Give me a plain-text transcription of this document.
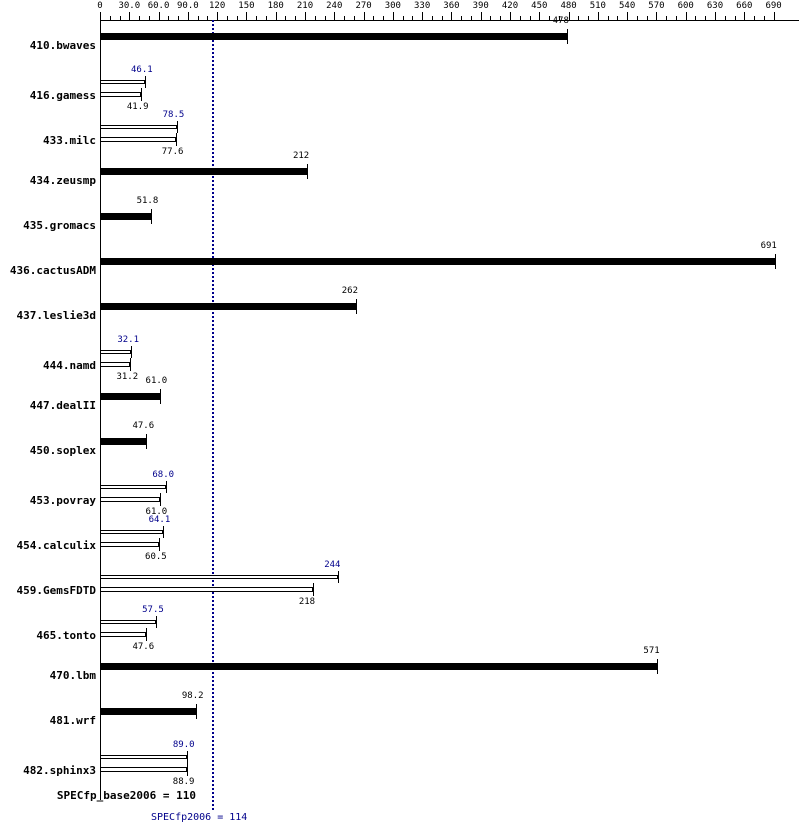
0	30.0 60.0 90.0	120	150	180	210	240	270	300	330	360	390	420	450	480	510	540	570	600	630	660	690
410.bwaves
478
416.gamess
46.1
41.9
433.milc
78.5
77.6
434.zeusmp
212
435.gromacs
51.8
436.cactusADM
691
437.leslie3d
262
444.namd
32.1
31.2
447.dealII
61.0
450.soplex
47.6
453.povray
68.0
61.0
454.calculix
64.1
60.5
459.GemsFDTD
244
218
465.tonto
57.5
47.6
470.lbm
571
481.wrf
98.2
482.sphinx3
89.0
88.9
SPECfp_base2006 = 110
SPECfp2006 = 114
